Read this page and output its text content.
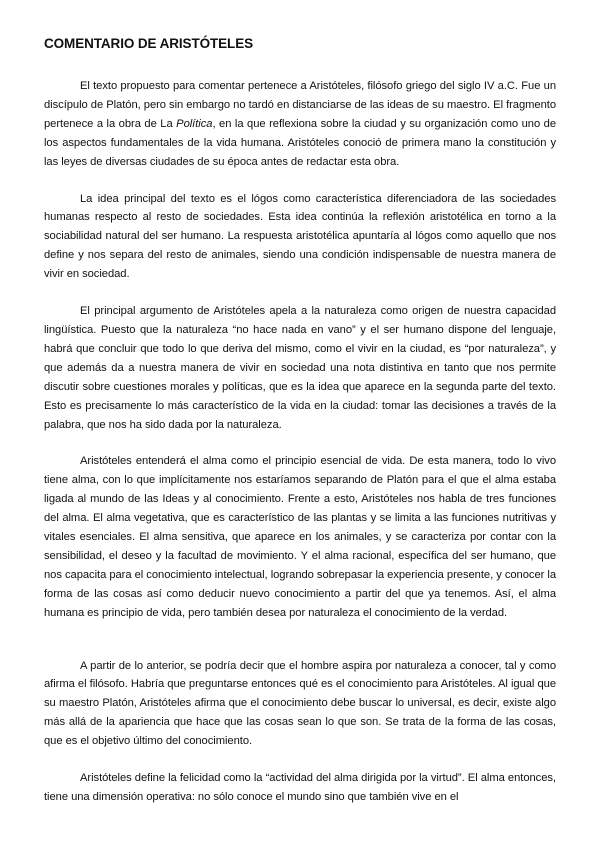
COMENTARIO DE ARISTÓTELES

El texto propuesto para comentar pertenece a Aristóteles, filósofo griego del siglo IV a.C. Fue un discípulo de Platón, pero sin embargo no tardó en distanciarse de las ideas de su maestro. El fragmento pertenece a la obra de La Política, en la que reflexiona sobre la ciudad y su organización como uno de los aspectos fundamentales de la vida humana. Aristóteles conoció de primera mano la constitución y las leyes de diversas ciudades de su época antes de redactar esta obra.

La idea principal del texto es el lógos como característica diferenciadora de las sociedades humanas respecto al resto de sociedades. Esta idea continúa la reflexión aristotélica en torno a la sociabilidad natural del ser humano. La respuesta aristotélica apuntaría al lógos como aquello que nos define y nos separa del resto de animales, siendo una condición indispensable de nuestra manera de vivir en sociedad.

El principal argumento de Aristóteles apela a la naturaleza como origen de nuestra capacidad lingüística. Puesto que la naturaleza “no hace nada en vano” y el ser humano dispone del lenguaje, habrá que concluir que todo lo que deriva del mismo, como el vivir en la ciudad, es “por naturaleza”, y que además da a nuestra manera de vivir en sociedad una nota distintiva en tanto que nos permite discutir sobre cuestiones morales y políticas, que es la idea que aparece en la segunda parte del texto. Esto es precisamente lo más característico de la vida en la ciudad: tomar las decisiones a través de la palabra, que nos ha sido dada por la naturaleza.

Aristóteles entenderá el alma como el principio esencial de vida. De esta manera, todo lo vivo tiene alma, con lo que implícitamente nos estaríamos separando de Platón para el que el alma estaba ligada al mundo de las Ideas y al conocimiento. Frente a esto, Aristóteles nos habla de tres funciones del alma. El alma vegetativa, que es característico de las plantas y se limita a las funciones nutritivas y vitales esenciales. El alma sensitiva, que aparece en los animales, y se caracteriza por contar con la sensibilidad, el deseo y la facultad de movimiento. Y el alma racional, específica del ser humano, que nos capacita para el conocimiento intelectual, logrando sobrepasar la experiencia presente, y conocer la forma de las cosas así como deducir nuevo conocimiento a partir del que ya tenemos. Así, el alma humana es principio de vida, pero también desea por naturaleza el conocimiento de la verdad.

A partir de lo anterior, se podría decir que el hombre aspira por naturaleza a conocer, tal y como afirma el filósofo. Habría que preguntarse entonces qué es el conocimiento para Aristóteles. Al igual que su maestro Platón, Aristóteles afirma que el conocimiento debe buscar lo universal, es decir, existe algo más allá de la apariencia que hace que las cosas sean lo que son. Se trata de la forma de las cosas, que es el objetivo último del conocimiento.

Aristóteles define la felicidad como la “actividad del alma dirigida por la virtud”. El alma entonces, tiene una dimensión operativa: no sólo conoce el mundo sino que también vive en el
